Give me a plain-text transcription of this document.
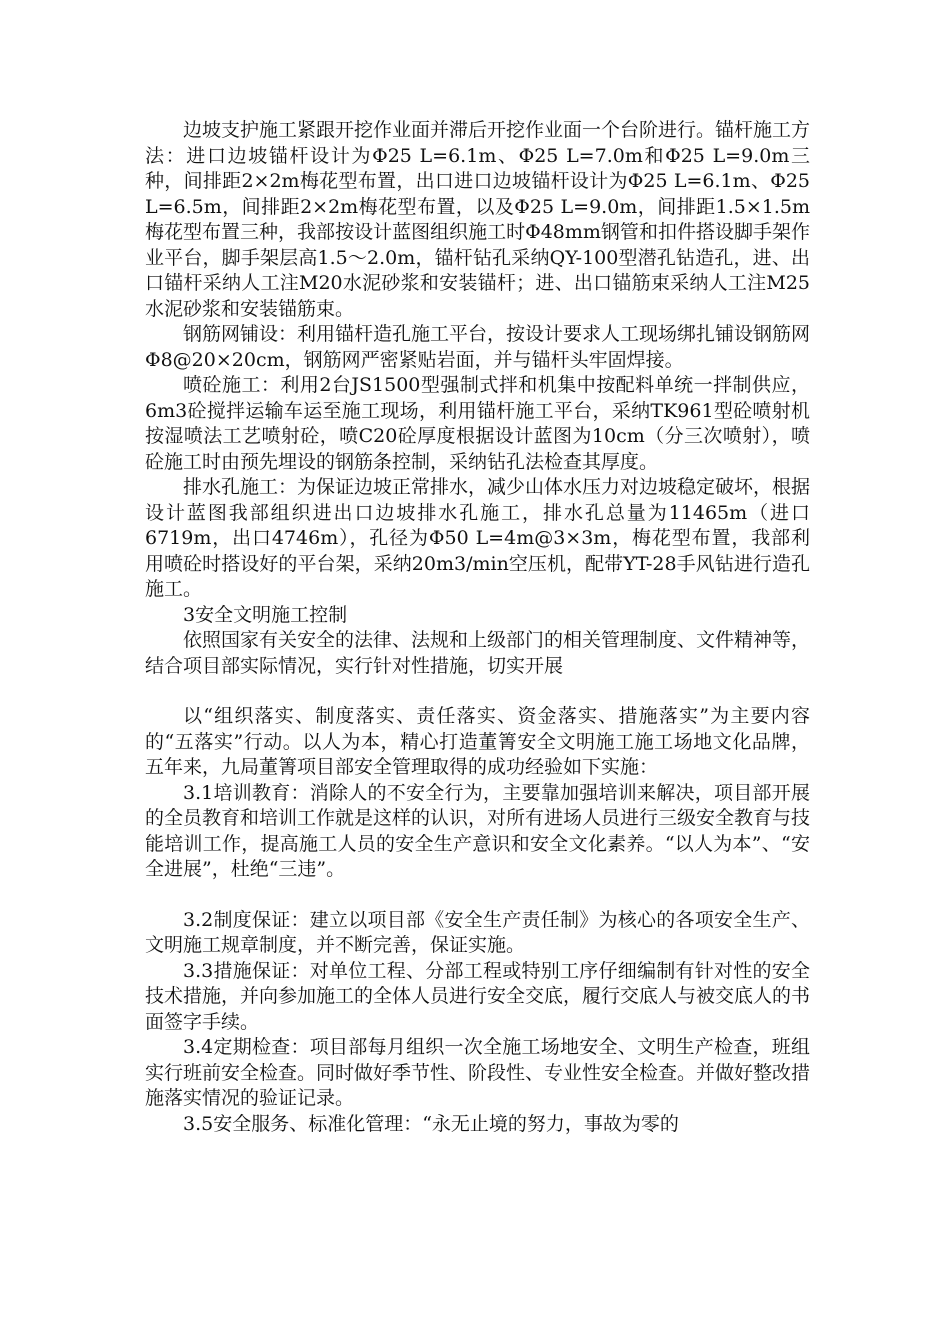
边坡支护施工紧跟开挖作业面并滞后开挖作业面一个台阶进行。锚杆施工方法：进口边坡锚杆设计为Φ25 L=6.1m、Φ25 L=7.0m和Φ25 L=9.0m三种，间排距2×2m梅花型布置，出口进口边坡锚杆设计为Φ25 L=6.1m、Φ25 L=6.5m，间排距2×2m梅花型布置，以及Φ25 L=9.0m，间排距1.5×1.5m梅花型布置三种，我部按设计蓝图组织施工时Φ48mm钢管和扣件搭设脚手架作业平台，脚手架层高1.5～2.0m，锚杆钻孔采纳QY-100型潜孔钻造孔，进、出口锚杆采纳人工注M20水泥砂浆和安装锚杆；进、出口锚筋束采纳人工注M25水泥砂浆和安装锚筋束。

钢筋网铺设：利用锚杆造孔施工平台，按设计要求人工现场绑扎铺设钢筋网Φ8@20×20cm，钢筋网严密紧贴岩面，并与锚杆头牢固焊接。

喷砼施工：利用2台JS1500型强制式拌和机集中按配料单统一拌制供应，6m3砼搅拌运输车运至施工现场，利用锚杆施工平台，采纳TK961型砼喷射机按湿喷法工艺喷射砼，喷C20砼厚度根据设计蓝图为10cm（分三次喷射），喷砼施工时由预先埋设的钢筋条控制，采纳钻孔法检查其厚度。

排水孔施工：为保证边坡正常排水，减少山体水压力对边坡稳定破坏，根据设计蓝图我部组织进出口边坡排水孔施工，排水孔总量为11465m（进口6719m，出口4746m），孔径为Φ50 L=4m@3×3m，梅花型布置，我部利用喷砼时搭设好的平台架，采纳20m3/min空压机，配带YT-28手风钻进行造孔施工。

3安全文明施工控制

依照国家有关安全的法律、法规和上级部门的相关管理制度、文件精神等，结合项目部实际情况，实行针对性措施，切实开展

以“组织落实、制度落实、责任落实、资金落实、措施落实”为主要内容的“五落实”行动。以人为本，精心打造董箐安全文明施工施工场地文化品牌，五年来，九局董箐项目部安全管理取得的成功经验如下实施：

3.1培训教育：消除人的不安全行为，主要靠加强培训来解决，项目部开展的全员教育和培训工作就是这样的认识，对所有进场人员进行三级安全教育与技能培训工作，提高施工人员的安全生产意识和安全文化素养。“以人为本”、“安全进展”，杜绝“三违”。

3.2制度保证：建立以项目部《安全生产责任制》为核心的各项安全生产、文明施工规章制度，并不断完善，保证实施。

3.3措施保证：对单位工程、分部工程或特别工序仔细编制有针对性的安全技术措施，并向参加施工的全体人员进行安全交底，履行交底人与被交底人的书面签字手续。

3.4定期检查：项目部每月组织一次全施工场地安全、文明生产检查，班组实行班前安全检查。同时做好季节性、阶段性、专业性安全检查。并做好整改措施落实情况的验证记录。

3.5安全服务、标准化管理：“永无止境的努力，事故为零的
